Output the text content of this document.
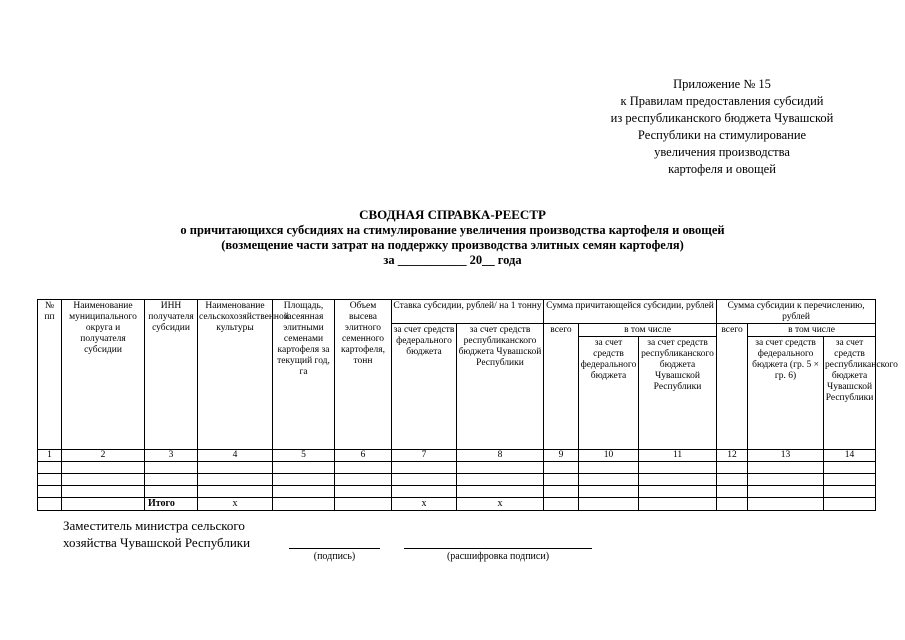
Приложение № 15
к Правилам предоставления субсидий
из республиканского бюджета Чувашской
Республики на стимулирование
увеличения производства
картофеля и овощей
СВОДНАЯ СПРАВКА-РЕЕСТР
о причитающихся субсидиях на стимулирование увеличения производства картофеля и овощей
(возмещение части затрат на поддержку производства элитных семян картофеля)
за ___________ 20__ года
№ пп	Наименование муниципального округа и получателя субсидии	ИНН получателя субсидии	Наименование сельскохозяйственной культуры	Площадь, засеянная элитными семенами картофеля за текущий год, га	Объем высева элитного семенного картофеля, тонн	Ставка субсидии, рублей/ на 1 тонну		Сумма причитающейся субсидии, рублей			Сумма субсидии к перечислению, рублей		
						за счет средств федерального бюджета	за счет средств республиканского бюджета Чувашской Республики	всего	в том числе		всего	в том числе	
									за счет средств федерального бюджета	за счет средств республиканского бюджета Чувашской Республики		за счет средств федерального бюджета (гр. 5 × гр. 6)	за счет средств республиканского бюджета Чувашской Республики
1	2	3	4	5	6	7	8	9	10	11	12	13	14

		Итого	x			x	x						
Заместитель министра сельского
хозяйства Чувашской Республики
(подпись)	(расшифровка подписи)
